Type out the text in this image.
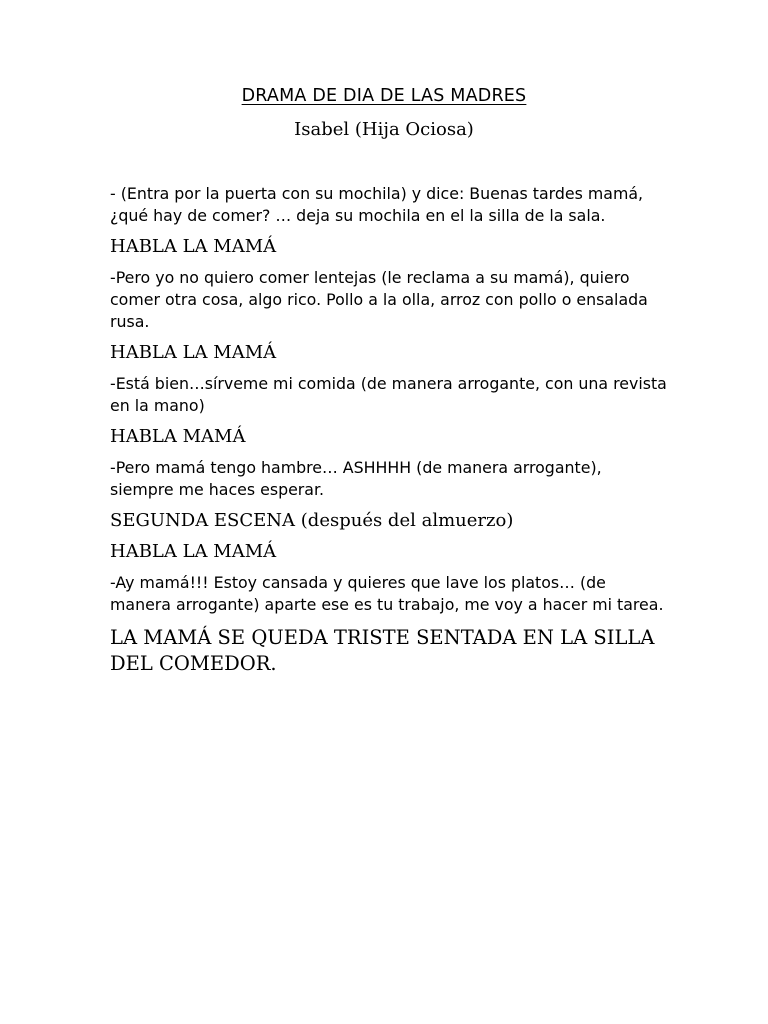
DRAMA DE DIA DE LAS MADRES
Isabel (Hija Ociosa)

- (Entra por la puerta con su mochila) y dice: Buenas tardes mamá, ¿qué hay de comer? … deja su mochila en el la silla de la sala.

HABLA LA MAMÁ

-Pero yo no quiero comer lentejas (le reclama a su mamá), quiero comer otra cosa, algo rico. Pollo a la olla, arroz con pollo o ensalada rusa.

HABLA LA MAMÁ

-Está bien…sírveme mi comida (de manera arrogante, con una revista en la mano)

HABLA MAMÁ

-Pero mamá tengo hambre… ASHHHH (de manera arrogante), siempre me haces esperar.

SEGUNDA ESCENA (después del almuerzo)

HABLA LA MAMÁ

-Ay mamá!!! Estoy cansada y quieres que lave los platos… (de manera arrogante) aparte ese es tu trabajo, me voy a hacer mi tarea.

LA MAMÁ SE QUEDA TRISTE SENTADA EN LA SILLA DEL COMEDOR.
